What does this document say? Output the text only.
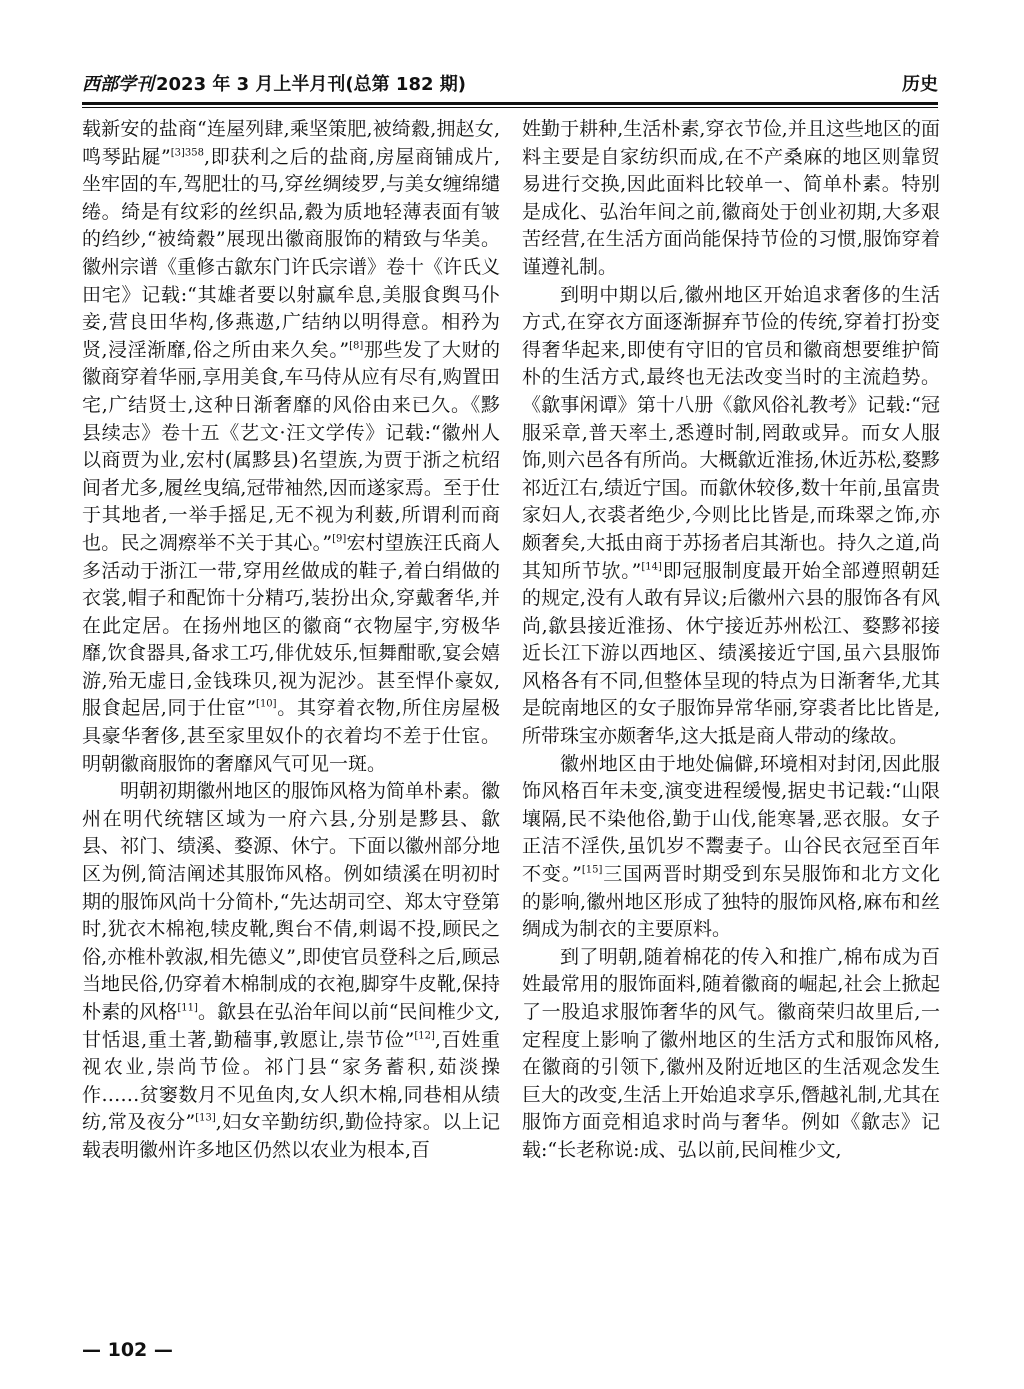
西部学刊 2023 年 3 月上半月刊(总第 182 期)	历史

载新安的盐商“连屋列肆,乘坚策肥,被绮縠,拥赵女,鸣琴跕屣”$^{[3]358}$,即获利之后的盐商,房屋商铺成片,坐牢固的车,驾肥壮的马,穿丝绸绫罗,与美女缠绵缱绻。绮是有纹彩的丝织品,縠为质地轻薄表面有皱的绉纱,“被绮縠”展现出徽商服饰的精致与华美。徽州宗谱《重修古歙东门许氏宗谱》卷十《许氏义田宅》记载:“其雄者要以射赢牟息,美服食舆马仆妾,营良田华构,侈燕遨,广结纳以明得意。相矜为贤,浸淫渐靡,俗之所由来久矣。”[8]那些发了大财的徽商穿着华丽,享用美食,车马侍从应有尽有,购置田宅,广结贤士,这种日渐奢靡的风俗由来已久。《黟县续志》卷十五《艺文·汪文学传》记载:“徽州人以商贾为业,宏村(属黟县)名望族,为贾于浙之杭绍间者尤多,履丝曳缟,冠带袖然,因而遂家焉。至于仕于其地者,一举手摇足,无不视为利薮,所谓利而商也。民之凋瘵举不关于其心。”[9]宏村望族汪氏商人多活动于浙江一带,穿用丝做成的鞋子,着白绢做的衣裳,帽子和配饰十分精巧,装扮出众,穿戴奢华,并在此定居。在扬州地区的徽商“衣物屋宇,穷极华靡,饮食器具,备求工巧,俳优妓乐,恒舞酣歌,宴会嬉游,殆无虚日,金钱珠贝,视为泥沙。甚至悍仆豪奴,服食起居,同于仕宦”[10]。其穿着衣物,所住房屋极具豪华奢侈,甚至家里奴仆的衣着均不差于仕宦。明朝徽商服饰的奢靡风气可见一斑。

明朝初期徽州地区的服饰风格为简单朴素。徽州在明代统辖区域为一府六县,分别是黟县、歙县、祁门、绩溪、婺源、休宁。下面以徽州部分地区为例,简洁阐述其服饰风格。例如绩溪在明初时期的服饰风尚十分简朴,“先达胡司空、郑太守登第时,犹衣木棉袍,犊皮靴,舆台不倩,刺谒不投,顾民之俗,亦椎朴敦淑,相先德义”,即使官员登科之后,顾忌当地民俗,仍穿着木棉制成的衣袍,脚穿牛皮靴,保持朴素的风格[11]。歙县在弘治年间以前“民间椎少文,甘恬退,重土著,勤穑事,敦愿让,崇节俭”[12],百姓重视农业,崇尚节俭。祁门县“家务蓄积,茹淡操作……贫窭数月不见鱼肉,女人织木棉,同巷相从绩纺,常及夜分”[13],妇女辛勤纺织,勤俭持家。以上记载表明徽州许多地区仍然以农业为根本,百

姓勤于耕种,生活朴素,穿衣节俭,并且这些地区的面料主要是自家纺织而成,在不产桑麻的地区则靠贸易进行交换,因此面料比较单一、简单朴素。特别是成化、弘治年间之前,徽商处于创业初期,大多艰苦经营,在生活方面尚能保持节俭的习惯,服饰穿着谨遵礼制。

到明中期以后,徽州地区开始追求奢侈的生活方式,在穿衣方面逐渐摒弃节俭的传统,穿着打扮变得奢华起来,即使有守旧的官员和徽商想要维护简朴的生活方式,最终也无法改变当时的主流趋势。《歙事闲谭》第十八册《歙风俗礼教考》记载:“冠服采章,普天率土,悉遵时制,罔敢或异。而女人服饰,则六邑各有所尚。大概歙近淮扬,休近苏松,婺黟祁近江右,绩近宁国。而歙休较侈,数十年前,虽富贵家妇人,衣裘者绝少,今则比比皆是,而珠翠之饰,亦颇奢矣,大抵由商于苏扬者启其渐也。持久之道,尚其知所节欤。”[14]即冠服制度最开始全部遵照朝廷的规定,没有人敢有异议;后徽州六县的服饰各有风尚,歙县接近淮扬、休宁接近苏州松江、婺黟祁接近长江下游以西地区、绩溪接近宁国,虽六县服饰风格各有不同,但整体呈现的特点为日渐奢华,尤其是皖南地区的女子服饰异常华丽,穿裘者比比皆是,所带珠宝亦颇奢华,这大抵是商人带动的缘故。

徽州地区由于地处偏僻,环境相对封闭,因此服饰风格百年未变,演变进程缓慢,据史书记载:“山限壤隔,民不染他俗,勤于山伐,能寒暑,恶衣服。女子正洁不淫佚,虽饥岁不鬻妻子。山谷民衣冠至百年不变。”[15]三国两晋时期受到东吴服饰和北方文化的影响,徽州地区形成了独特的服饰风格,麻布和丝绸成为制衣的主要原料。

到了明朝,随着棉花的传入和推广,棉布成为百姓最常用的服饰面料,随着徽商的崛起,社会上掀起了一股追求服饰奢华的风气。徽商荣归故里后,一定程度上影响了徽州地区的生活方式和服饰风格,在徽商的引领下,徽州及附近地区的生活观念发生巨大的改变,生活上开始追求享乐,僭越礼制,尤其在服饰方面竞相追求时尚与奢华。例如《歙志》记载:“长老称说:成、弘以前,民间椎少文,

— 102 —
